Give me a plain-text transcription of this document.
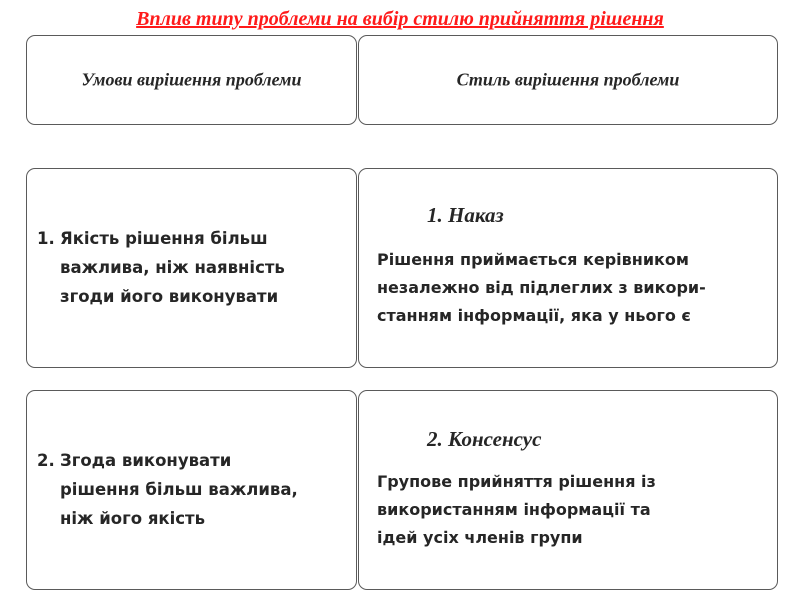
Вплив типу проблеми на вибір стилю прийняття рішення
Умови вирішення проблеми	Стиль вирішення проблеми
1. Якість рішення більш
важлива, ніж наявність
згоди його виконувати
1. Наказ
Рішення приймається керівником
незалежно від підлеглих з викори-
станням інформації, яка у нього є
2. Згода виконувати
рішення більш важлива,
ніж його якість
2. Консенсус
Групове прийняття рішення із
використанням інформації та
ідей усіх членів групи
